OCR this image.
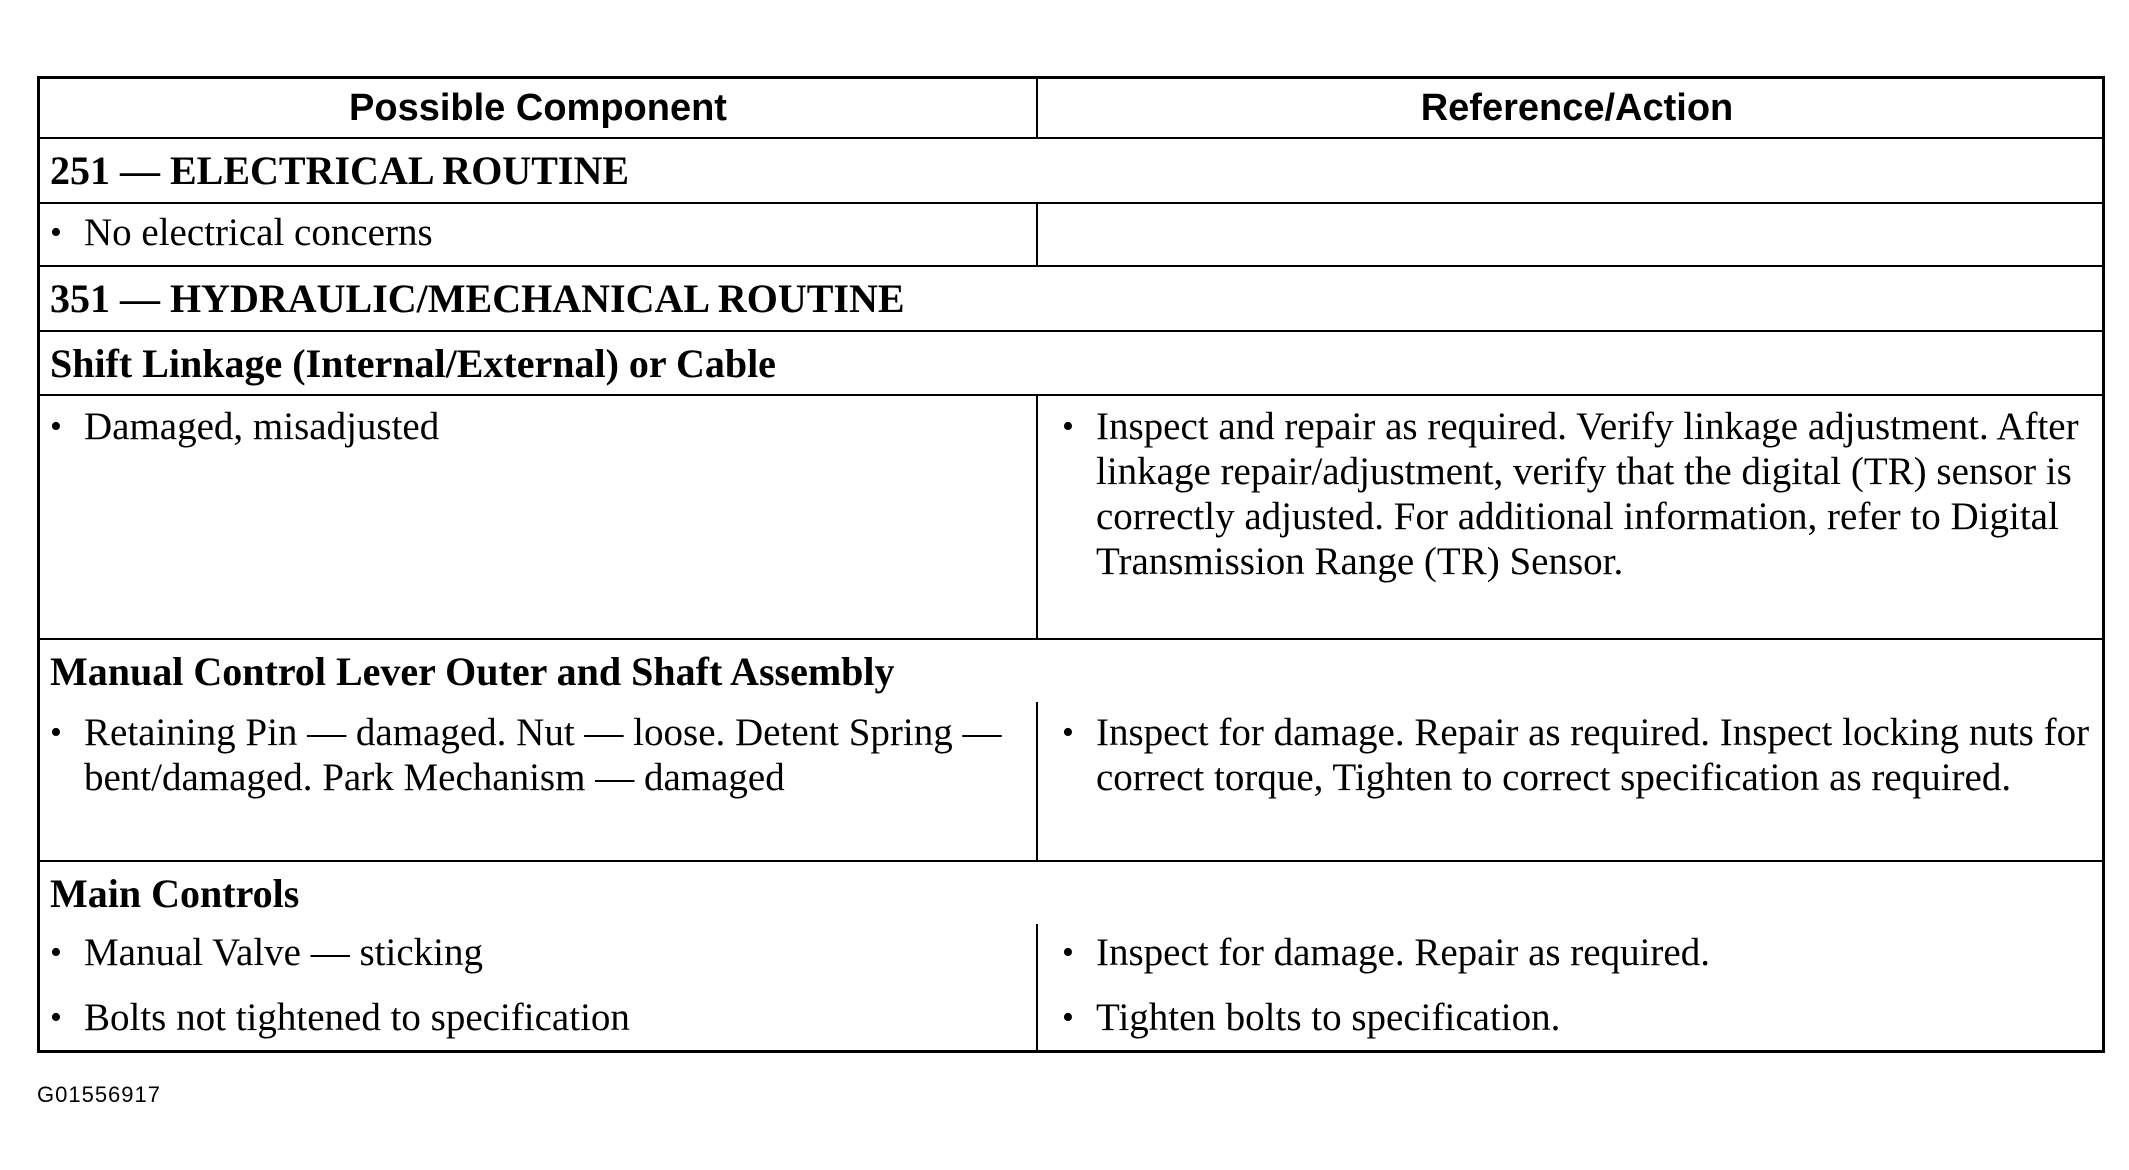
Possible Component	Reference/Action
251 — ELECTRICAL ROUTINE
• No electrical concerns
351 — HYDRAULIC/MECHANICAL ROUTINE
Shift Linkage (Internal/External) or Cable
• Damaged, misadjusted	• Inspect and repair as required. Verify linkage adjustment. After linkage repair/adjustment, verify that the digital (TR) sensor is correctly adjusted. For additional information, refer to Digital Transmission Range (TR) Sensor.
Manual Control Lever Outer and Shaft Assembly
• Retaining Pin — damaged. Nut — loose. Detent Spring — bent/damaged. Park Mechanism — damaged
• Inspect for damage. Repair as required. Inspect locking nuts for correct torque, Tighten to correct specification as required.
Main Controls
• Manual Valve — sticking
• Bolts not tightened to specification
• Inspect for damage. Repair as required.
• Tighten bolts to specification.
G01556917
